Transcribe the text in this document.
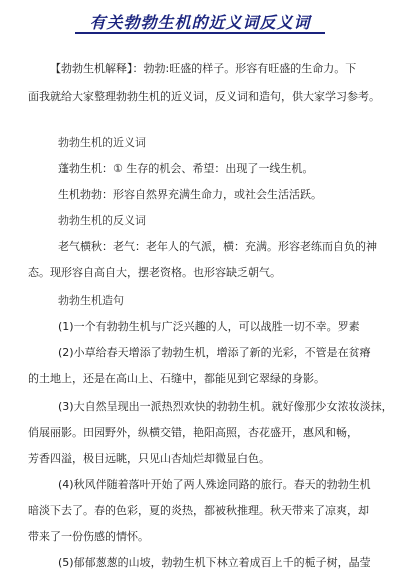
有关勃勃生机的近义词反义词

【勃勃生机解释】：勃勃:旺盛的样子。形容有旺盛的生命力。下

面我就给大家整理勃勃生机的近义词，反义词和造句，供大家学习参考。

勃勃生机的近义词

蓬勃生机：① 生存的机会、希望：出现了一线生机。

生机勃勃：形容自然界充满生命力，或社会生活活跃。

勃勃生机的反义词

老气横秋：老气：老年人的气派，横：充满。形容老练而自负的神

态。现形容自高自大，摆老资格。也形容缺乏朝气。

勃勃生机造句

(1)一个有勃勃生机与广泛兴趣的人，可以战胜一切不幸。罗素

(2)小草给春天增添了勃勃生机，增添了新的光彩，不管是在贫瘠

的土地上，还是在高山上、石缝中，都能见到它翠绿的身影。

(3)大自然呈现出一派热烈欢快的勃勃生机。就好像那少女浓妆淡抹，

俏展丽影。田园野外，纵横交错，艳阳高照，杏花盛开，惠风和畅，

芳香四溢，极目远眺，只见山杏灿烂却微显白色。

(4)秋风伴随着落叶开始了两人殊途同路的旅行。春天的勃勃生机

暗淡下去了。春的色彩，夏的炎热，都被秋推理。秋天带来了凉爽，却

带来了一份伤感的情怀。

(5)郁郁葱葱的山坡，勃勃生机下林立着成百上千的栀子树，晶莹
